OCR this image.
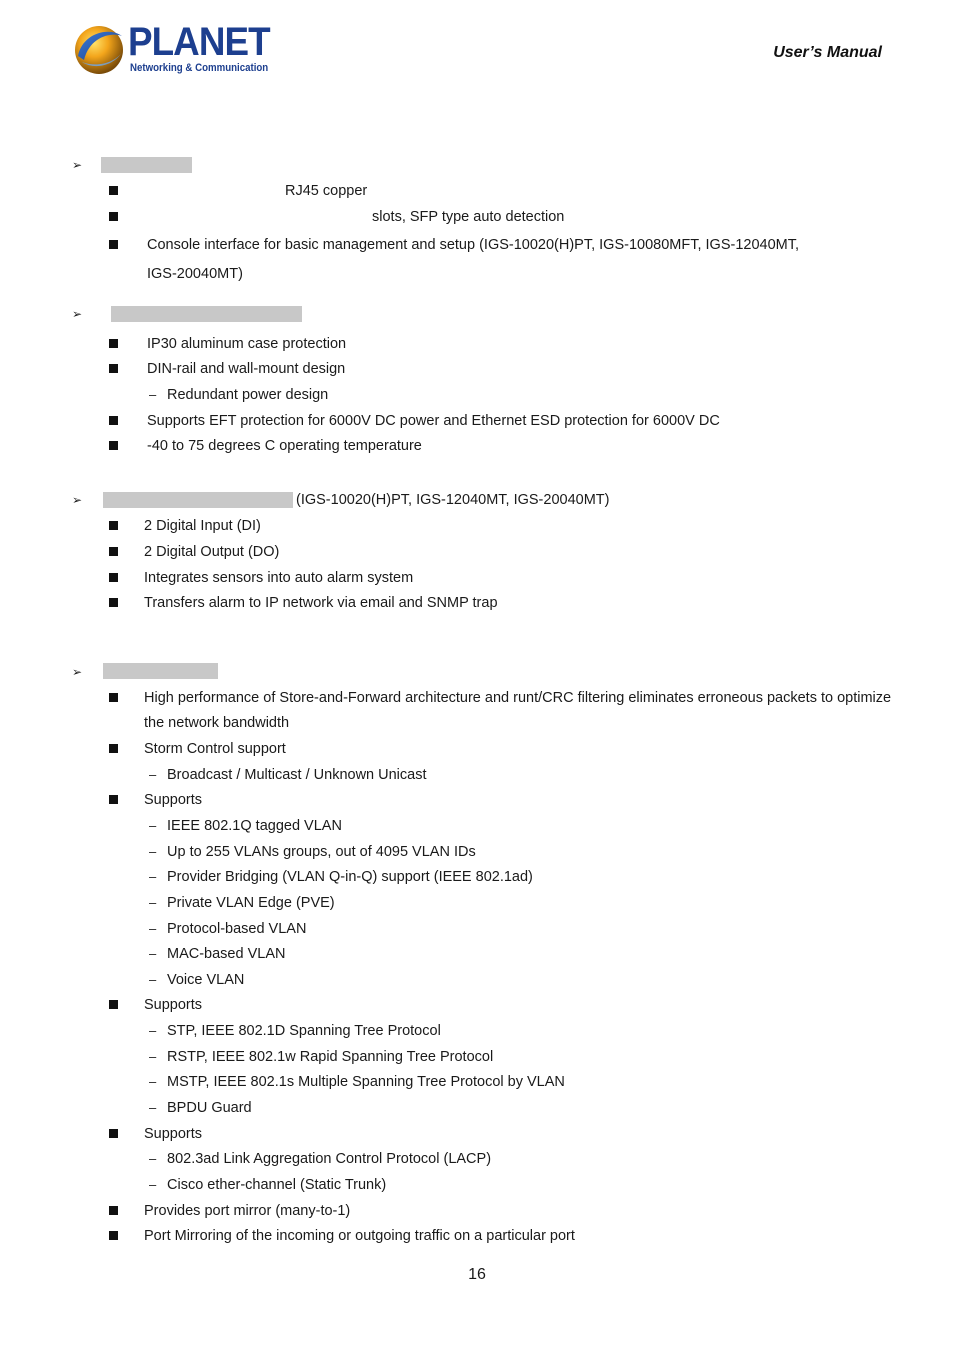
PLANET
Networking & Communication
User’s Manual
➢
RJ45 copper
slots, SFP type auto detection
Console interface for basic management and setup (IGS-10020(H)PT, IGS-10080MFT, IGS-12040MT,
IGS-20040MT)
➢
IP30 aluminum case protection
DIN-rail and wall-mount design
– Redundant power design
Supports EFT protection for 6000V DC power and Ethernet ESD protection for 6000V DC
-40 to 75 degrees C operating temperature
➢	(IGS-10020(H)PT, IGS-12040MT, IGS-20040MT)
2 Digital Input (DI)
2 Digital Output (DO)
Integrates sensors into auto alarm system
Transfers alarm to IP network via email and SNMP trap
➢
High performance of Store-and-Forward architecture and runt/CRC filtering eliminates erroneous packets to optimize
the network bandwidth
Storm Control support
– Broadcast / Multicast / Unknown Unicast
Supports
– IEEE 802.1Q tagged VLAN
– Up to 255 VLANs groups, out of 4095 VLAN IDs
– Provider Bridging (VLAN Q-in-Q) support (IEEE 802.1ad)
– Private VLAN Edge (PVE)
– Protocol-based VLAN
– MAC-based VLAN
– Voice VLAN
Supports
– STP, IEEE 802.1D Spanning Tree Protocol
– RSTP, IEEE 802.1w Rapid Spanning Tree Protocol
– MSTP, IEEE 802.1s Multiple Spanning Tree Protocol by VLAN
– BPDU Guard
Supports
– 802.3ad Link Aggregation Control Protocol (LACP)
– Cisco ether-channel (Static Trunk)
Provides port mirror (many-to-1)
Port Mirroring of the incoming or outgoing traffic on a particular port
16
